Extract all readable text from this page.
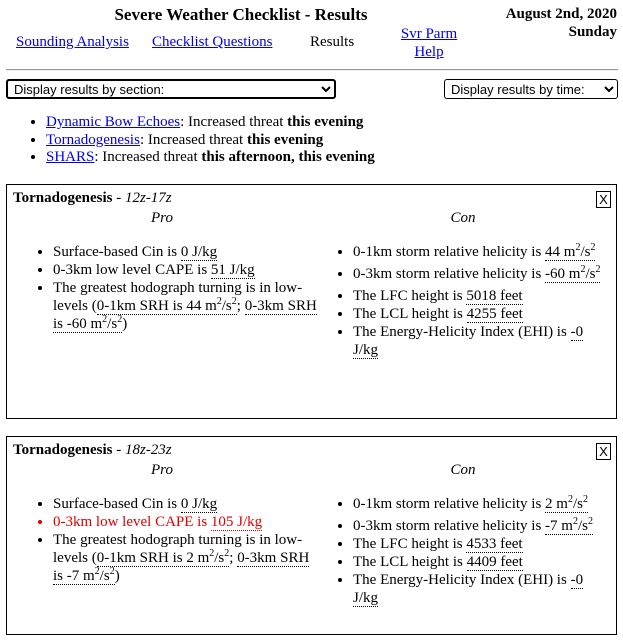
Severe Weather Checklist - Results	August 2nd, 2020
Sunday
Sounding Analysis Checklist Questions	Results	Svr Parm
Help
Display results by section:
Display results by time:
• Dynamic Bow Echoes: Increased threat this evening
• Tornadogenesis: Increased threat this evening
• SHARS: Increased threat this afternoon, this evening
Tornadogenesis - 12z-17z	X
Pro	Con
• Surface-based Cin is 0 J/kg
• 0-3km low level CAPE is 51 J/kg
• The greatest hodograph turning is in low-levels (0-1km SRH is 44 $m^2/s^2$; 0-3km SRH is -60 $m^2/s^2$)
• 0-1km storm relative helicity is 44 $m^2/s^2$
• 0-3km storm relative helicity is -60 $m^2/s^2$
• The LFC height is 5018 feet
• The LCL height is 4255 feet
• The Energy-Helicity Index (EHI) is -0 J/kg
Tornadogenesis - 18z-23z	X
Pro	Con
• Surface-based Cin is 0 J/kg
• 0-3km low level CAPE is 105 J/kg
• The greatest hodograph turning is in low-levels (0-1km SRH is 2 $m^2/s^2$; 0-3km SRH is -7 $m^2/s^2$)
• 0-1km storm relative helicity is 2 $m^2/s^2$
• 0-3km storm relative helicity is -7 $m^2/s^2$
• The LFC height is 4533 feet
• The LCL height is 4409 feet
• The Energy-Helicity Index (EHI) is -0 J/kg
